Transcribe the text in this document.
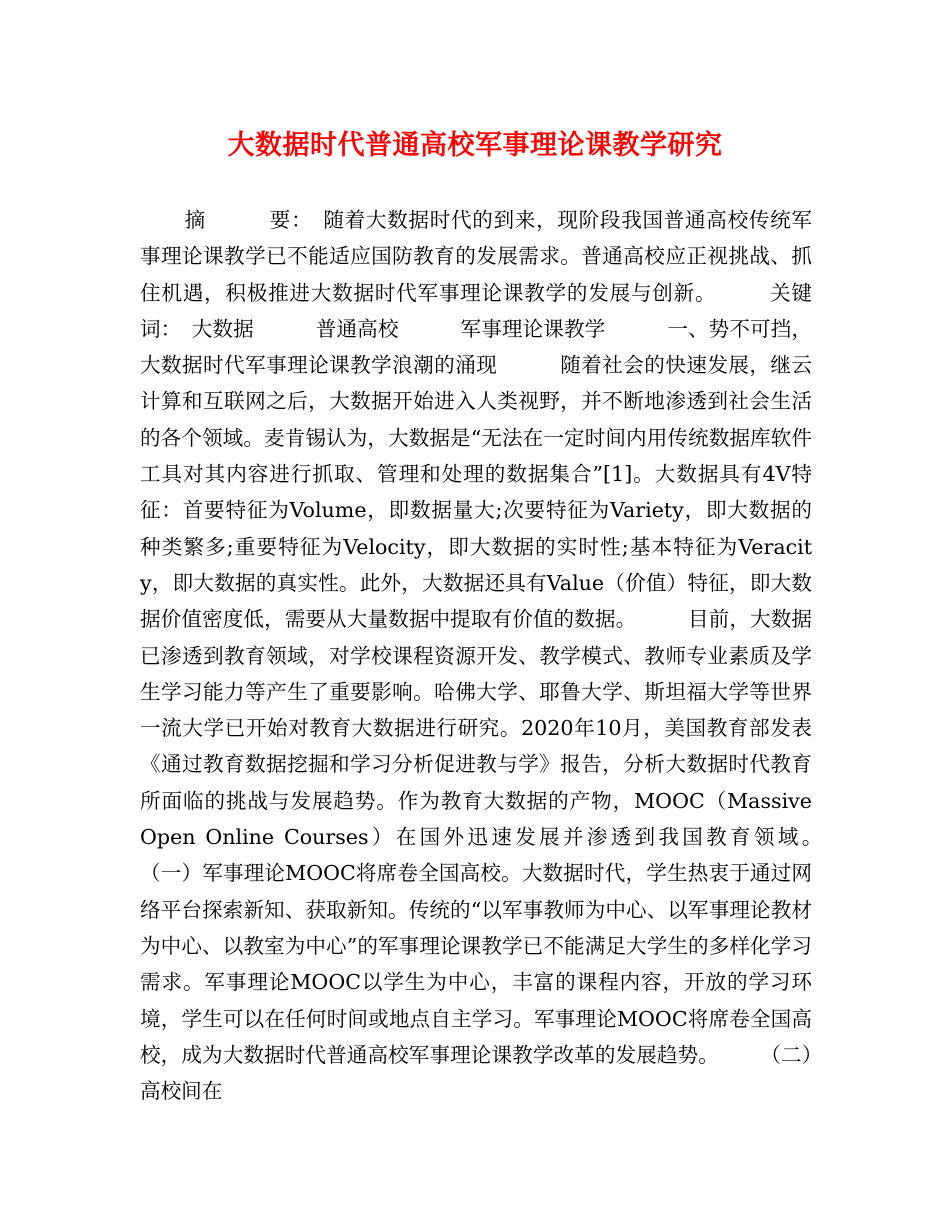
大数据时代普通高校军事理论课教学研究
摘　　　要：　随着大数据时代的到来，现阶段我国普通高校传统军事理论课教学已不能适应国防教育的发展需求。普通高校应正视挑战、抓住机遇，积极推进大数据时代军事理论课教学的发展与创新。　　　关键词：　大数据　　　普通高校　　　军事理论课教学　　　一、势不可挡，大数据时代军事理论课教学浪潮的涌现　　　随着社会的快速发展，继云计算和互联网之后，大数据开始进入人类视野，并不断地渗透到社会生活的各个领域。麦肯锡认为，大数据是“无法在一定时间内用传统数据库软件工具对其内容进行抓取、管理和处理的数据集合”[1]。大数据具有4V特征：首要特征为Volume，即数据量大;次要特征为Variety，即大数据的种类繁多;重要特征为Velocity，即大数据的实时性;基本特征为Veracity，即大数据的真实性。此外，大数据还具有Value（价值）特征，即大数据价值密度低，需要从大量数据中提取有价值的数据。　　　目前，大数据已渗透到教育领域，对学校课程资源开发、教学模式、教师专业素质及学生学习能力等产生了重要影响。哈佛大学、耶鲁大学、斯坦福大学等世界一流大学已开始对教育大数据进行研究。2020年10月，美国教育部发表《通过教育数据挖掘和学习分析促进教与学》报告，分析大数据时代教育所面临的挑战与发展趋势。作为教育大数据的产物，MOOC（Massive Open Online Courses）在国外迅速发展并渗透到我国教育领域。　　　（一）军事理论MOOC将席卷全国高校。大数据时代，学生热衷于通过网络平台探索新知、获取新知。传统的“以军事教师为中心、以军事理论教材为中心、以教室为中心”的军事理论课教学已不能满足大学生的多样化学习需求。军事理论MOOC以学生为中心，丰富的课程内容，开放的学习环境，学生可以在任何时间或地点自主学习。军事理论MOOC将席卷全国高校，成为大数据时代普通高校军事理论课教学改革的发展趋势。　　　（二）高校间在
